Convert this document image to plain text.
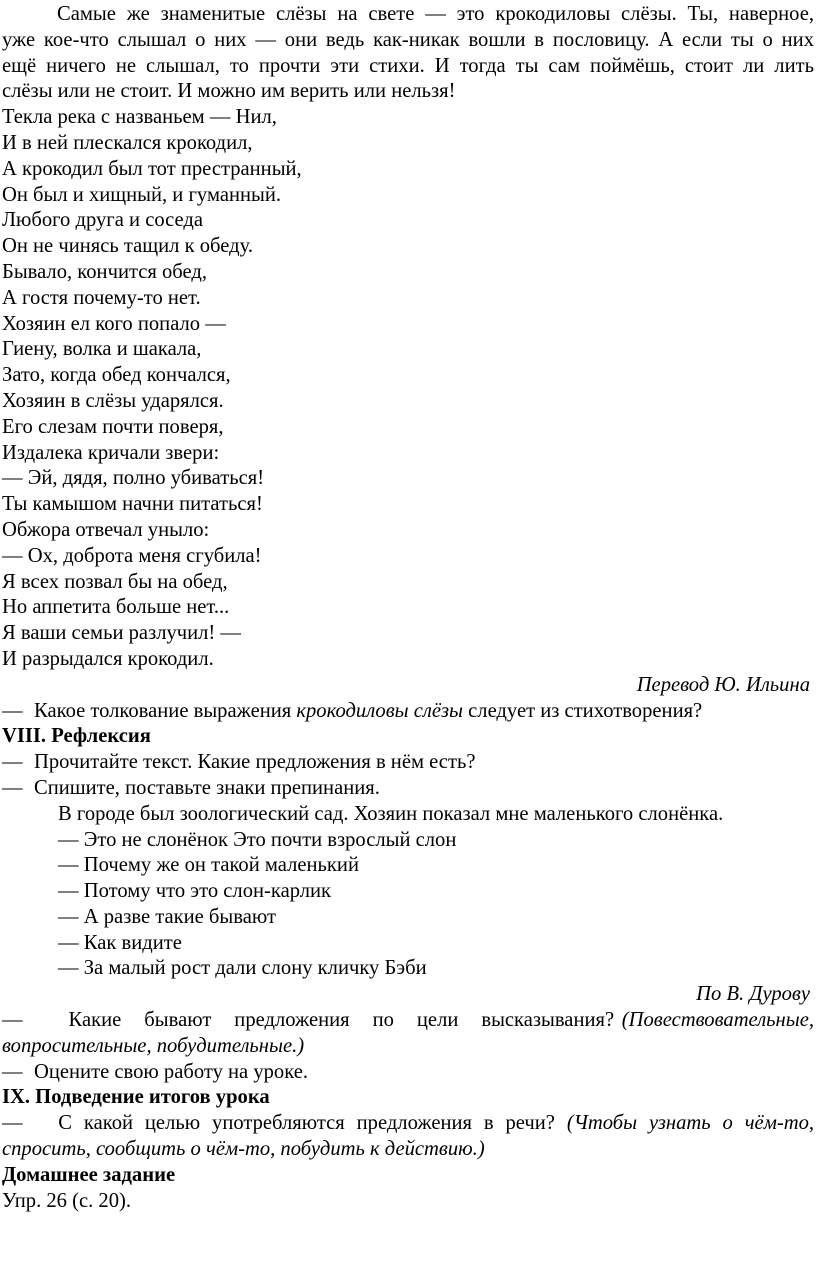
Самые же знаменитые слёзы на свете — это крокодиловы слёзы. Ты, наверное,
уже кое-что слышал о них — они ведь как-никак вошли в пословицу. А если ты о них
ещё ничего не слышал, то прочти эти стихи. И тогда ты сам поймёшь, стоит ли лить
слёзы или не стоит. И можно им верить или нельзя!
Текла река с названьем — Нил,
И в ней плескался крокодил,
А крокодил был тот престранный,
Он был и хищный, и гуманный.
Любого друга и соседа
Он не чинясь тащил к обеду.
Бывало, кончится обед,
А гостя почему-то нет.
Хозяин ел кого попало —
Гиену, волка и шакала,
Зато, когда обед кончался,
Хозяин в слёзы ударялся.
Его слезам почти поверя,
Издалека кричали звери:
— Эй, дядя, полно убиваться!
Ты камышом начни питаться!
Обжора отвечал уныло:
— Ох, доброта меня сгубила!
Я всех позвал бы на обед,
Но аппетита больше нет...
Я ваши семьи разлучил! —
И разрыдался крокодил.
Перевод Ю. Ильина
— Какое толкование выражения крокодиловы слёзы следует из стихотворения?
VIII. Рефлексия
— Прочитайте текст. Какие предложения в нём есть?
— Спишите, поставьте знаки препинания.
В городе был зоологический сад. Хозяин показал мне маленького слонёнка.
— Это не слонёнок Это почти взрослый слон
— Почему же он такой маленький
— Потому что это слон-карлик
— А разве такие бывают
— Как видите
— За малый рост дали слону кличку Бэби
По В. Дурову
—      Какие   бывают   предложения   по   цели   высказывания? (Повествовательные,
вопросительные, побудительные.)
— Оцените свою работу на уроке.
IX. Подведение итогов урока
—   С какой целью употребляются предложения в речи? (Чтобы узнать о чём-то,
спросить, сообщить о чём-то, побудить к действию.)
Домашнее задание
Упр. 26 (с. 20).
